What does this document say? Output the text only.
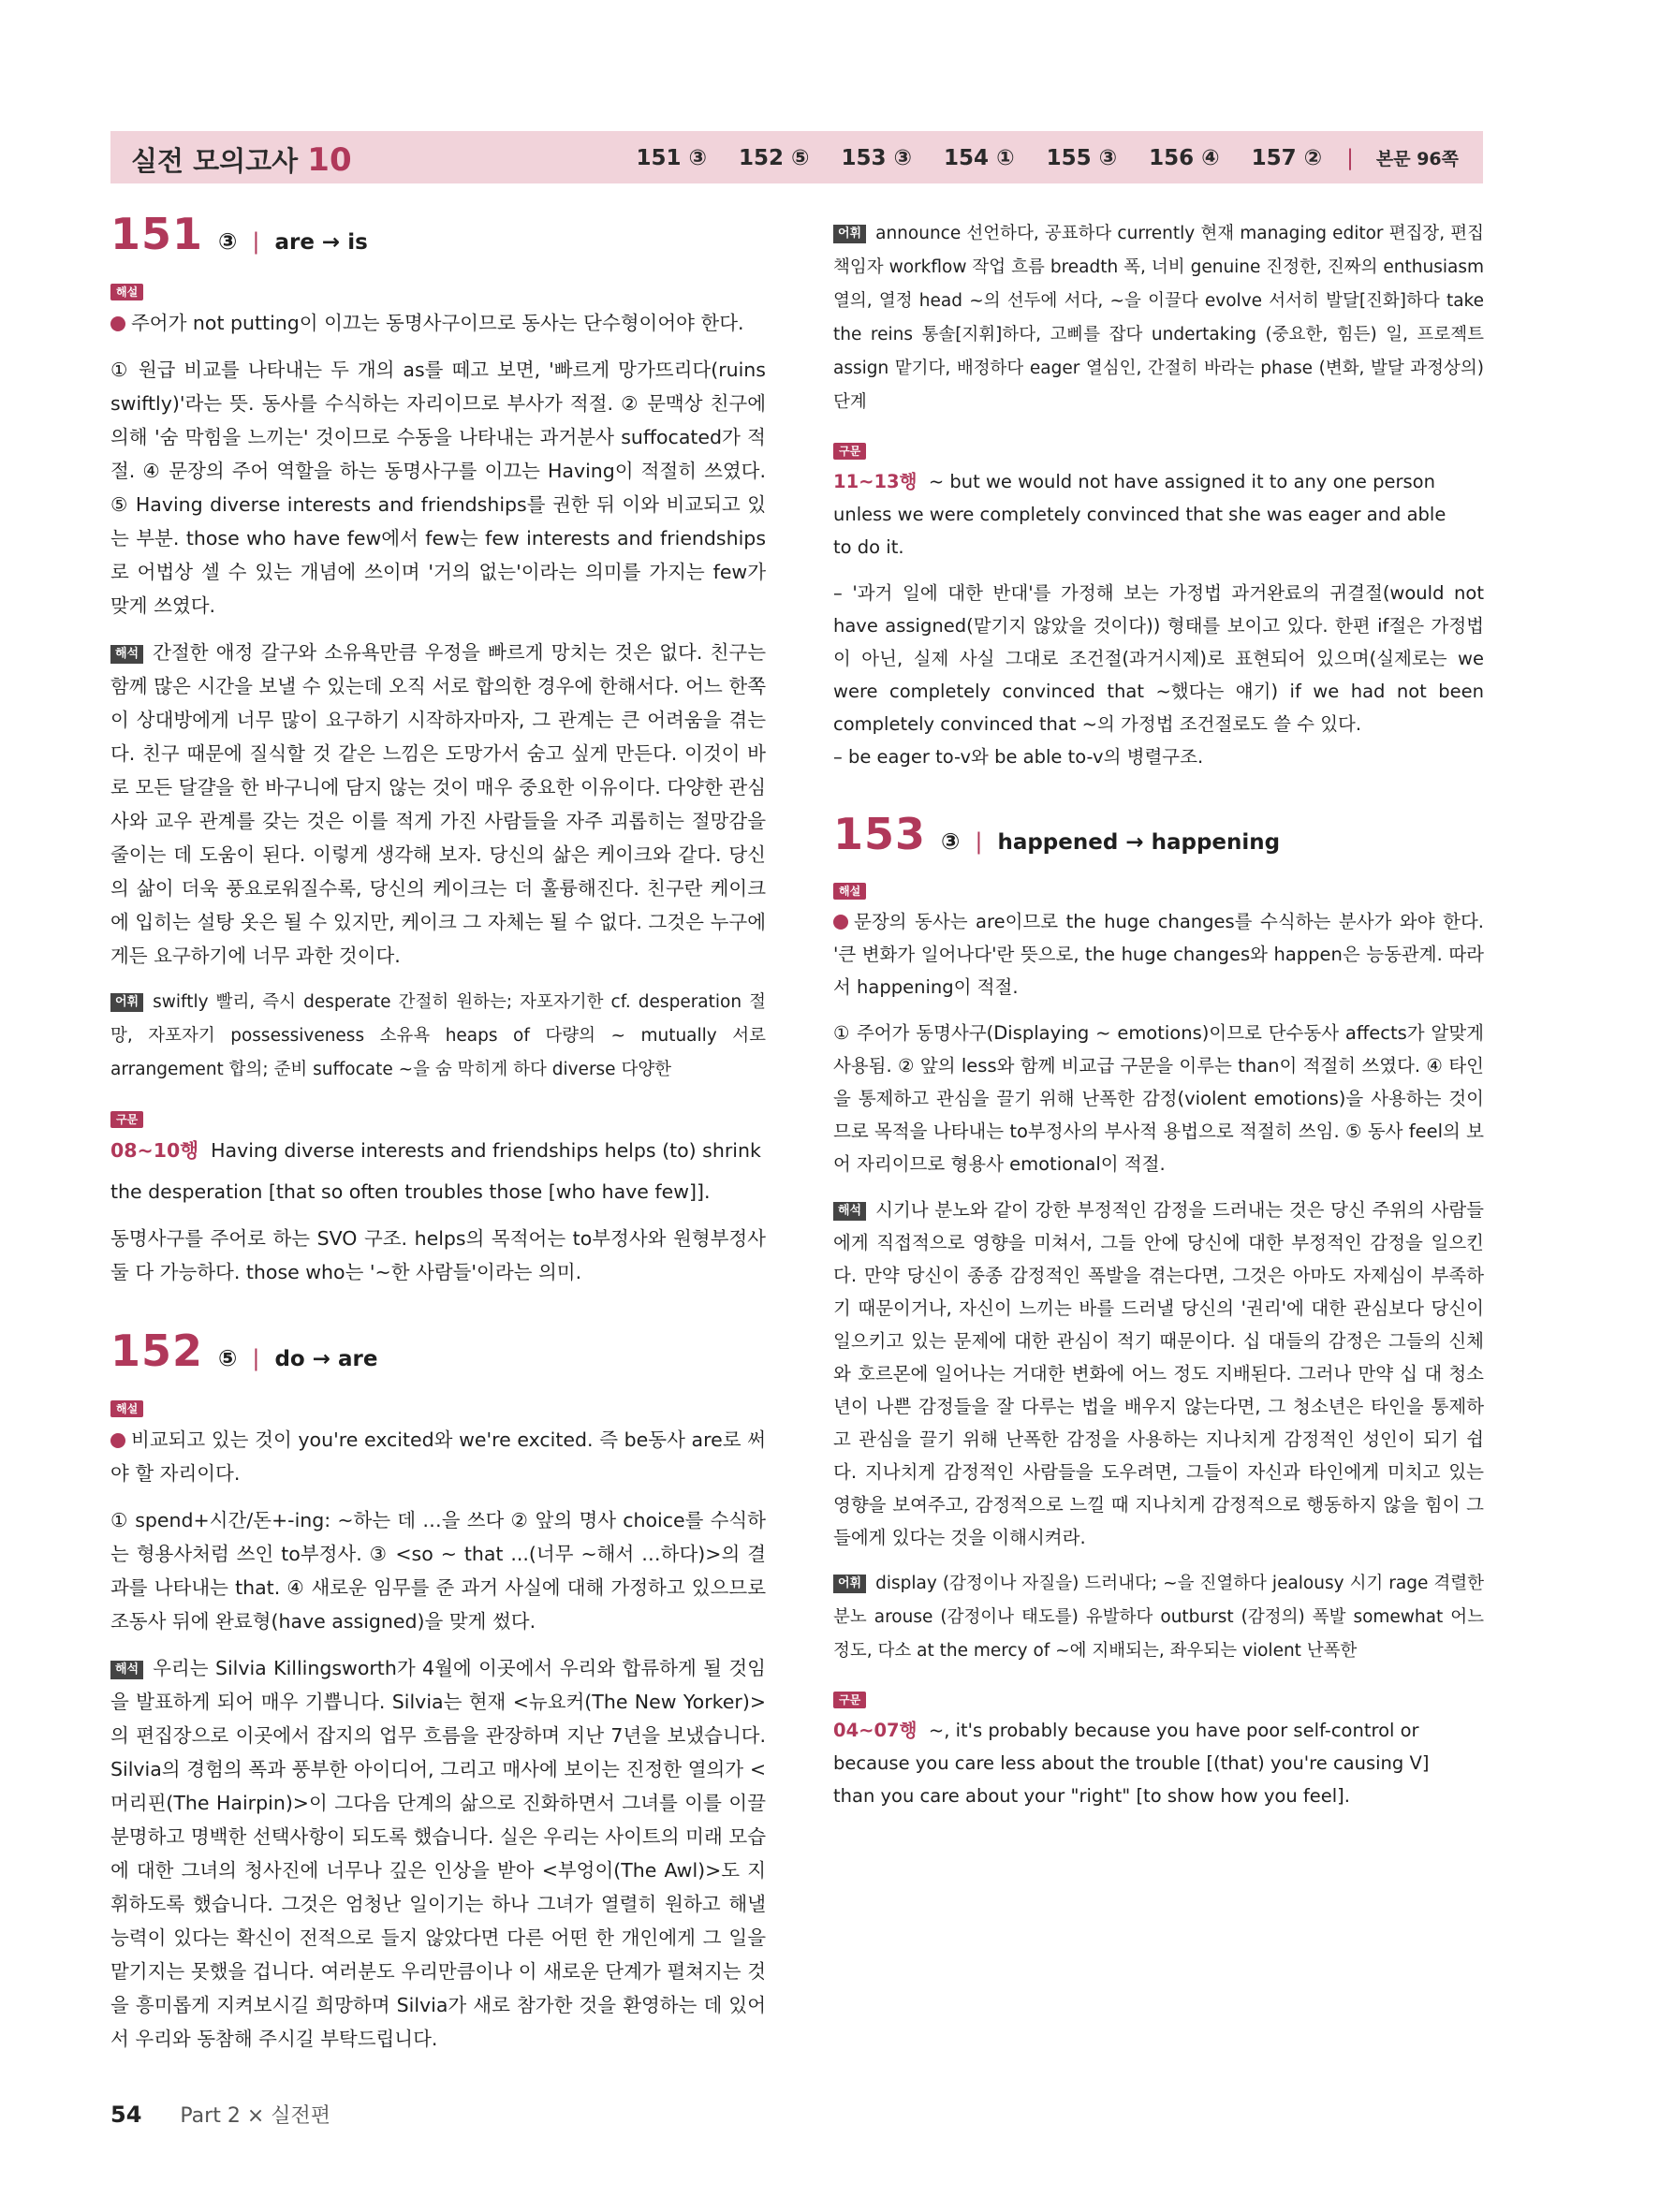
실전 모의고사 10	151 ③ 152 ⑤ 153 ③ 154 ① 155 ③ 156 ④ 157 ② | 본문 96쪽
151 ③ | are → is
해설

주어가 not putting이 이끄는 동명사구이므로 동사는 단수형이어야 한다.

① 원급 비교를 나타내는 두 개의 as를 떼고 보면, '빠르게 망가뜨리다(ruins swiftly)'라는 뜻. 동사를 수식하는 자리이므로 부사가 적절. ② 문맥상 친구에 의해 '숨 막힘을 느끼는' 것이므로 수동을 나타내는 과거분사 suffocated가 적절. ④ 문장의 주어 역할을 하는 동명사구를 이끄는 Having이 적절히 쓰였다. ⑤ Having diverse interests and friendships를 권한 뒤 이와 비교되고 있는 부분. those who have few에서 few는 few interests and friendships로 어법상 셀 수 있는 개념에 쓰이며 '거의 없는'이라는 의미를 가지는 few가 맞게 쓰였다.

해석 간절한 애정 갈구와 소유욕만큼 우정을 빠르게 망치는 것은 없다. 친구는 함께 많은 시간을 보낼 수 있는데 오직 서로 합의한 경우에 한해서다. 어느 한쪽이 상대방에게 너무 많이 요구하기 시작하자마자, 그 관계는 큰 어려움을 겪는다. 친구 때문에 질식할 것 같은 느낌은 도망가서 숨고 싶게 만든다. 이것이 바로 모든 달걀을 한 바구니에 담지 않는 것이 매우 중요한 이유이다. 다양한 관심사와 교우 관계를 갖는 것은 이를 적게 가진 사람들을 자주 괴롭히는 절망감을 줄이는 데 도움이 된다. 이렇게 생각해 보자. 당신의 삶은 케이크와 같다. 당신의 삶이 더욱 풍요로워질수록, 당신의 케이크는 더 훌륭해진다. 친구란 케이크에 입히는 설탕 옷은 될 수 있지만, 케이크 그 자체는 될 수 없다. 그것은 누구에게든 요구하기에 너무 과한 것이다.

어휘 swiftly 빨리, 즉시 desperate 간절히 원하는; 자포자기한 cf. desperation 절망, 자포자기 possessiveness 소유욕 heaps of 다량의 ~ mutually 서로 arrangement 합의; 준비 suffocate ~을 숨 막히게 하다 diverse 다양한

구문

08~10행 Having diverse interests and friendships helps (to) shrink

the desperation [that so often troubles those [who have few]].

동명사구를 주어로 하는 SVO 구조. helps의 목적어는 to부정사와 원형부정사 둘 다 가능하다. those who는 '~한 사람들'이라는 의미.

152 ⑤ | do → are
해설

비교되고 있는 것이 you're excited와 we're excited. 즉 be동사 are로 써야 할 자리이다.

① spend+시간/돈+-ing: ~하는 데 …을 쓰다 ② 앞의 명사 choice를 수식하는 형용사처럼 쓰인 to부정사. ③ <so ~ that ...(너무 ~해서 …하다)>의 결과를 나타내는 that. ④ 새로운 임무를 준 과거 사실에 대해 가정하고 있으므로 조동사 뒤에 완료형(have assigned)을 맞게 썼다.

해석 우리는 Silvia Killingsworth가 4월에 이곳에서 우리와 합류하게 될 것임을 발표하게 되어 매우 기쁩니다. Silvia는 현재 <뉴요커(The New Yorker)>의 편집장으로 이곳에서 잡지의 업무 흐름을 관장하며 지난 7년을 보냈습니다. Silvia의 경험의 폭과 풍부한 아이디어, 그리고 매사에 보이는 진정한 열의가 <머리핀(The Hairpin)>이 그다음 단계의 삶으로 진화하면서 그녀를 이를 이끌 분명하고 명백한 선택사항이 되도록 했습니다. 실은 우리는 사이트의 미래 모습에 대한 그녀의 청사진에 너무나 깊은 인상을 받아 <부엉이(The Awl)>도 지휘하도록 했습니다. 그것은 엄청난 일이기는 하나 그녀가 열렬히 원하고 해낼 능력이 있다는 확신이 전적으로 들지 않았다면 다른 어떤 한 개인에게 그 일을 맡기지는 못했을 겁니다. 여러분도 우리만큼이나 이 새로운 단계가 펼쳐지는 것을 흥미롭게 지켜보시길 희망하며 Silvia가 새로 참가한 것을 환영하는 데 있어서 우리와 동참해 주시길 부탁드립니다.

어휘 announce 선언하다, 공표하다 currently 현재 managing editor 편집장, 편집 책임자 workflow 작업 흐름 breadth 폭, 너비 genuine 진정한, 진짜의 enthusiasm 열의, 열정 head ~의 선두에 서다, ~을 이끌다 evolve 서서히 발달[진화]하다 take the reins 통솔[지휘]하다, 고삐를 잡다 undertaking (중요한, 힘든) 일, 프로젝트 assign 맡기다, 배정하다 eager 열심인, 간절히 바라는 phase (변화, 발달 과정상의) 단계

구문

11~13행 ~ but we would not have assigned it to any one person

unless we were completely convinced that she was eager and able

to do it.

– '과거 일에 대한 반대'를 가정해 보는 가정법 과거완료의 귀결절(would not have assigned(맡기지 않았을 것이다)) 형태를 보이고 있다. 한편 if절은 가정법이 아닌, 실제 사실 그대로 조건절(과거시제)로 표현되어 있으며(실제로는 we were completely convinced that ~했다는 얘기) if we had not been completely convinced that ~의 가정법 조건절로도 쓸 수 있다.

– be eager to-v와 be able to-v의 병렬구조.

153 ③ | happened → happening
해설

문장의 동사는 are이므로 the huge changes를 수식하는 분사가 와야 한다. '큰 변화가 일어나다'란 뜻으로, the huge changes와 happen은 능동관계. 따라서 happening이 적절.

① 주어가 동명사구(Displaying ~ emotions)이므로 단수동사 affects가 알맞게 사용됨. ② 앞의 less와 함께 비교급 구문을 이루는 than이 적절히 쓰였다. ④ 타인을 통제하고 관심을 끌기 위해 난폭한 감정(violent emotions)을 사용하는 것이므로 목적을 나타내는 to부정사의 부사적 용법으로 적절히 쓰임. ⑤ 동사 feel의 보어 자리이므로 형용사 emotional이 적절.

해석 시기나 분노와 같이 강한 부정적인 감정을 드러내는 것은 당신 주위의 사람들에게 직접적으로 영향을 미쳐서, 그들 안에 당신에 대한 부정적인 감정을 일으킨다. 만약 당신이 종종 감정적인 폭발을 겪는다면, 그것은 아마도 자제심이 부족하기 때문이거나, 자신이 느끼는 바를 드러낼 당신의 '권리'에 대한 관심보다 당신이 일으키고 있는 문제에 대한 관심이 적기 때문이다. 십 대들의 감정은 그들의 신체와 호르몬에 일어나는 거대한 변화에 어느 정도 지배된다. 그러나 만약 십 대 청소년이 나쁜 감정들을 잘 다루는 법을 배우지 않는다면, 그 청소년은 타인을 통제하고 관심을 끌기 위해 난폭한 감정을 사용하는 지나치게 감정적인 성인이 되기 쉽다. 지나치게 감정적인 사람들을 도우려면, 그들이 자신과 타인에게 미치고 있는 영향을 보여주고, 감정적으로 느낄 때 지나치게 감정적으로 행동하지 않을 힘이 그들에게 있다는 것을 이해시켜라.

어휘 display (감정이나 자질을) 드러내다; ~을 진열하다 jealousy 시기 rage 격렬한 분노 arouse (감정이나 태도를) 유발하다 outburst (감정의) 폭발 somewhat 어느 정도, 다소 at the mercy of ~에 지배되는, 좌우되는 violent 난폭한

구문

04~07행 ~, it's probably because you have poor self-control or

because you care less about the trouble [(that) you're causing V]

than you care about your "right" [to show how you feel].

54 Part 2 × 실전편
